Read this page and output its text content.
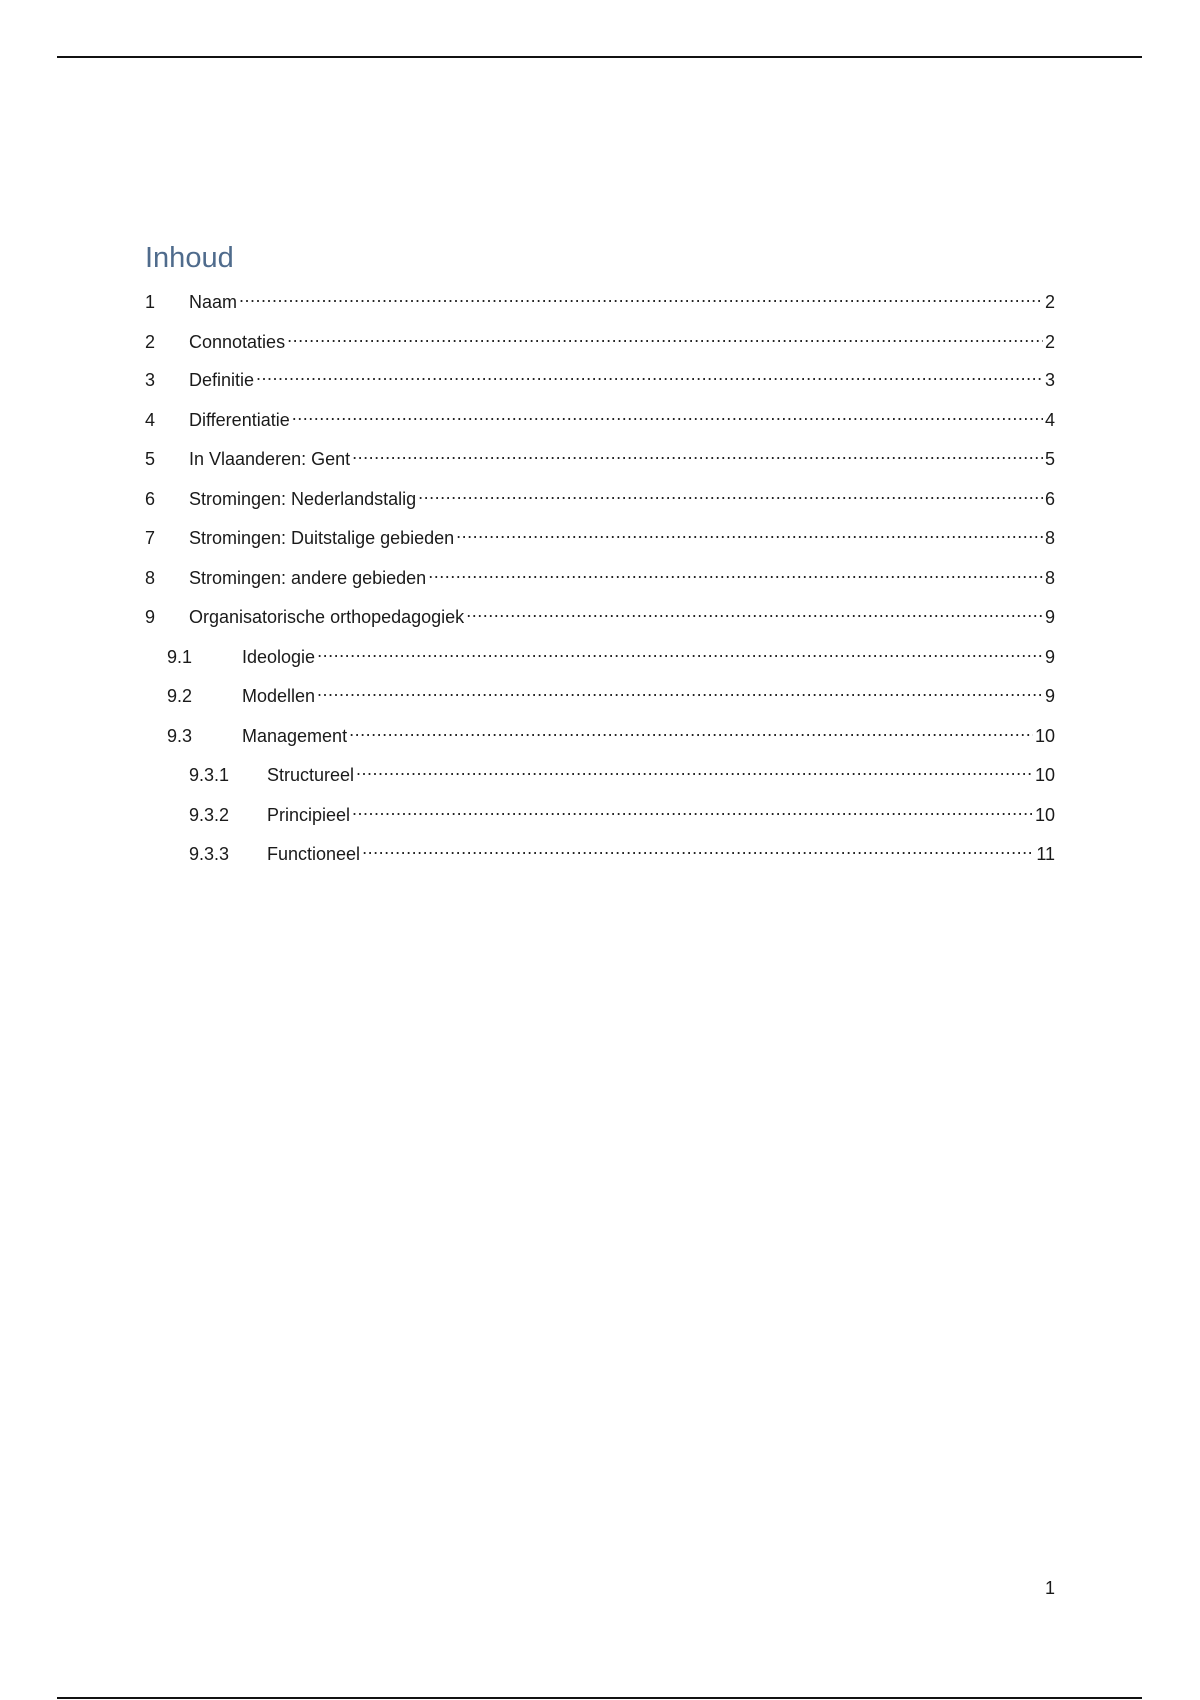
Inhoud
1	Naam .....	2
2	Connotaties .....	2
3	Definitie .....	3
4	Differentiatie .....	4
5	In Vlaanderen: Gent .....	5
6	Stromingen: Nederlandstalig .....	6
7	Stromingen: Duitstalige gebieden .....	8
8	Stromingen: andere gebieden .....	8
9	Organisatorische orthopedagogiek .....	9
9.1	Ideologie .....	9
9.2	Modellen .....	9
9.3	Management .....	10
9.3.1	Structureel .....	10
9.3.2	Principieel .....	10
9.3.3	Functioneel .....	11
1
